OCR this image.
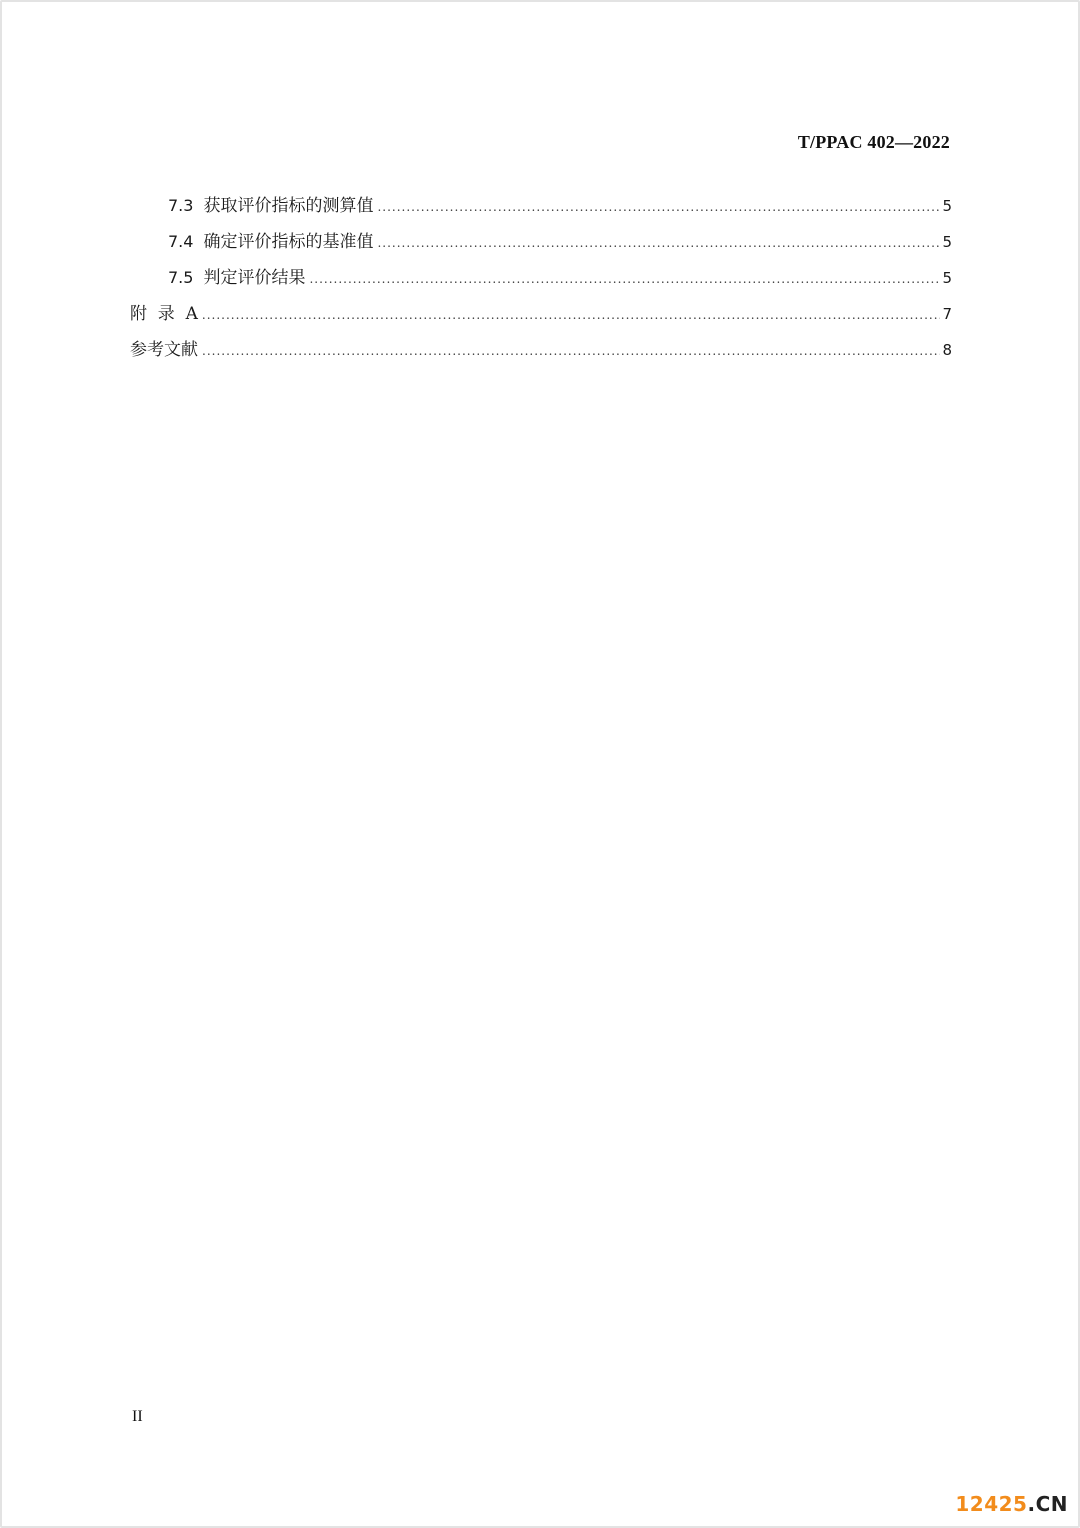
T/PPAC 402—2022
7.3 获取评价指标的测算值 .....	5
7.4 确定评价指标的基准值 .....	5
7.5 判定评价结果 .....	5
附  录  A .....	7
参考文献 .....	8
II
12425.CN
